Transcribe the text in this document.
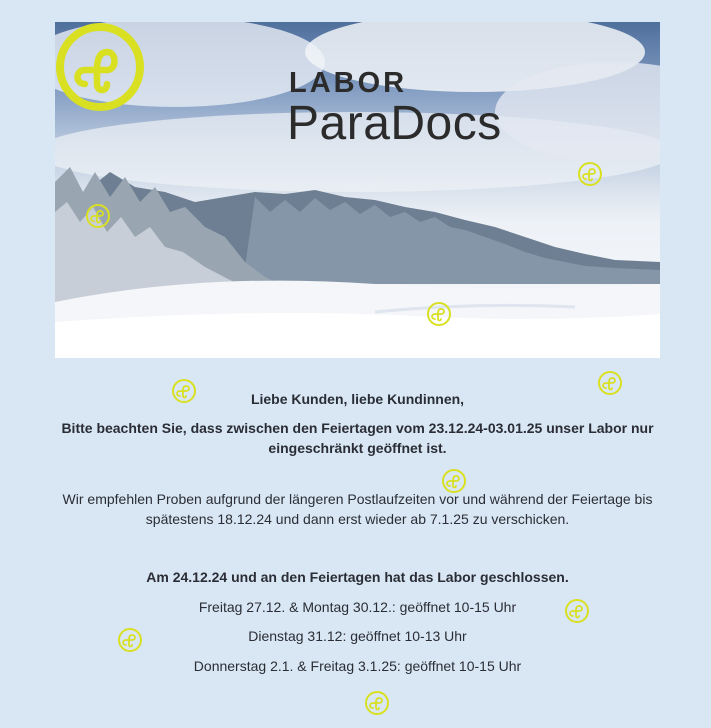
LABOR
ParaDocs
Liebe Kunden, liebe Kundinnen,
Bitte beachten Sie, dass zwischen den Feiertagen vom 23.12.24-03.01.25 unser Labor nur eingeschränkt geöffnet ist.
Wir empfehlen Proben aufgrund der längeren Postlaufzeiten vor und während der Feiertage bis spätestens 18.12.24 und dann erst wieder ab 7.1.25 zu verschicken.
Am 24.12.24 und an den Feiertagen hat das Labor geschlossen.
Freitag 27.12. & Montag 30.12.: geöffnet 10-15 Uhr
Dienstag 31.12: geöffnet 10-13 Uhr
Donnerstag 2.1. & Freitag 3.1.25: geöffnet 10-15 Uhr
